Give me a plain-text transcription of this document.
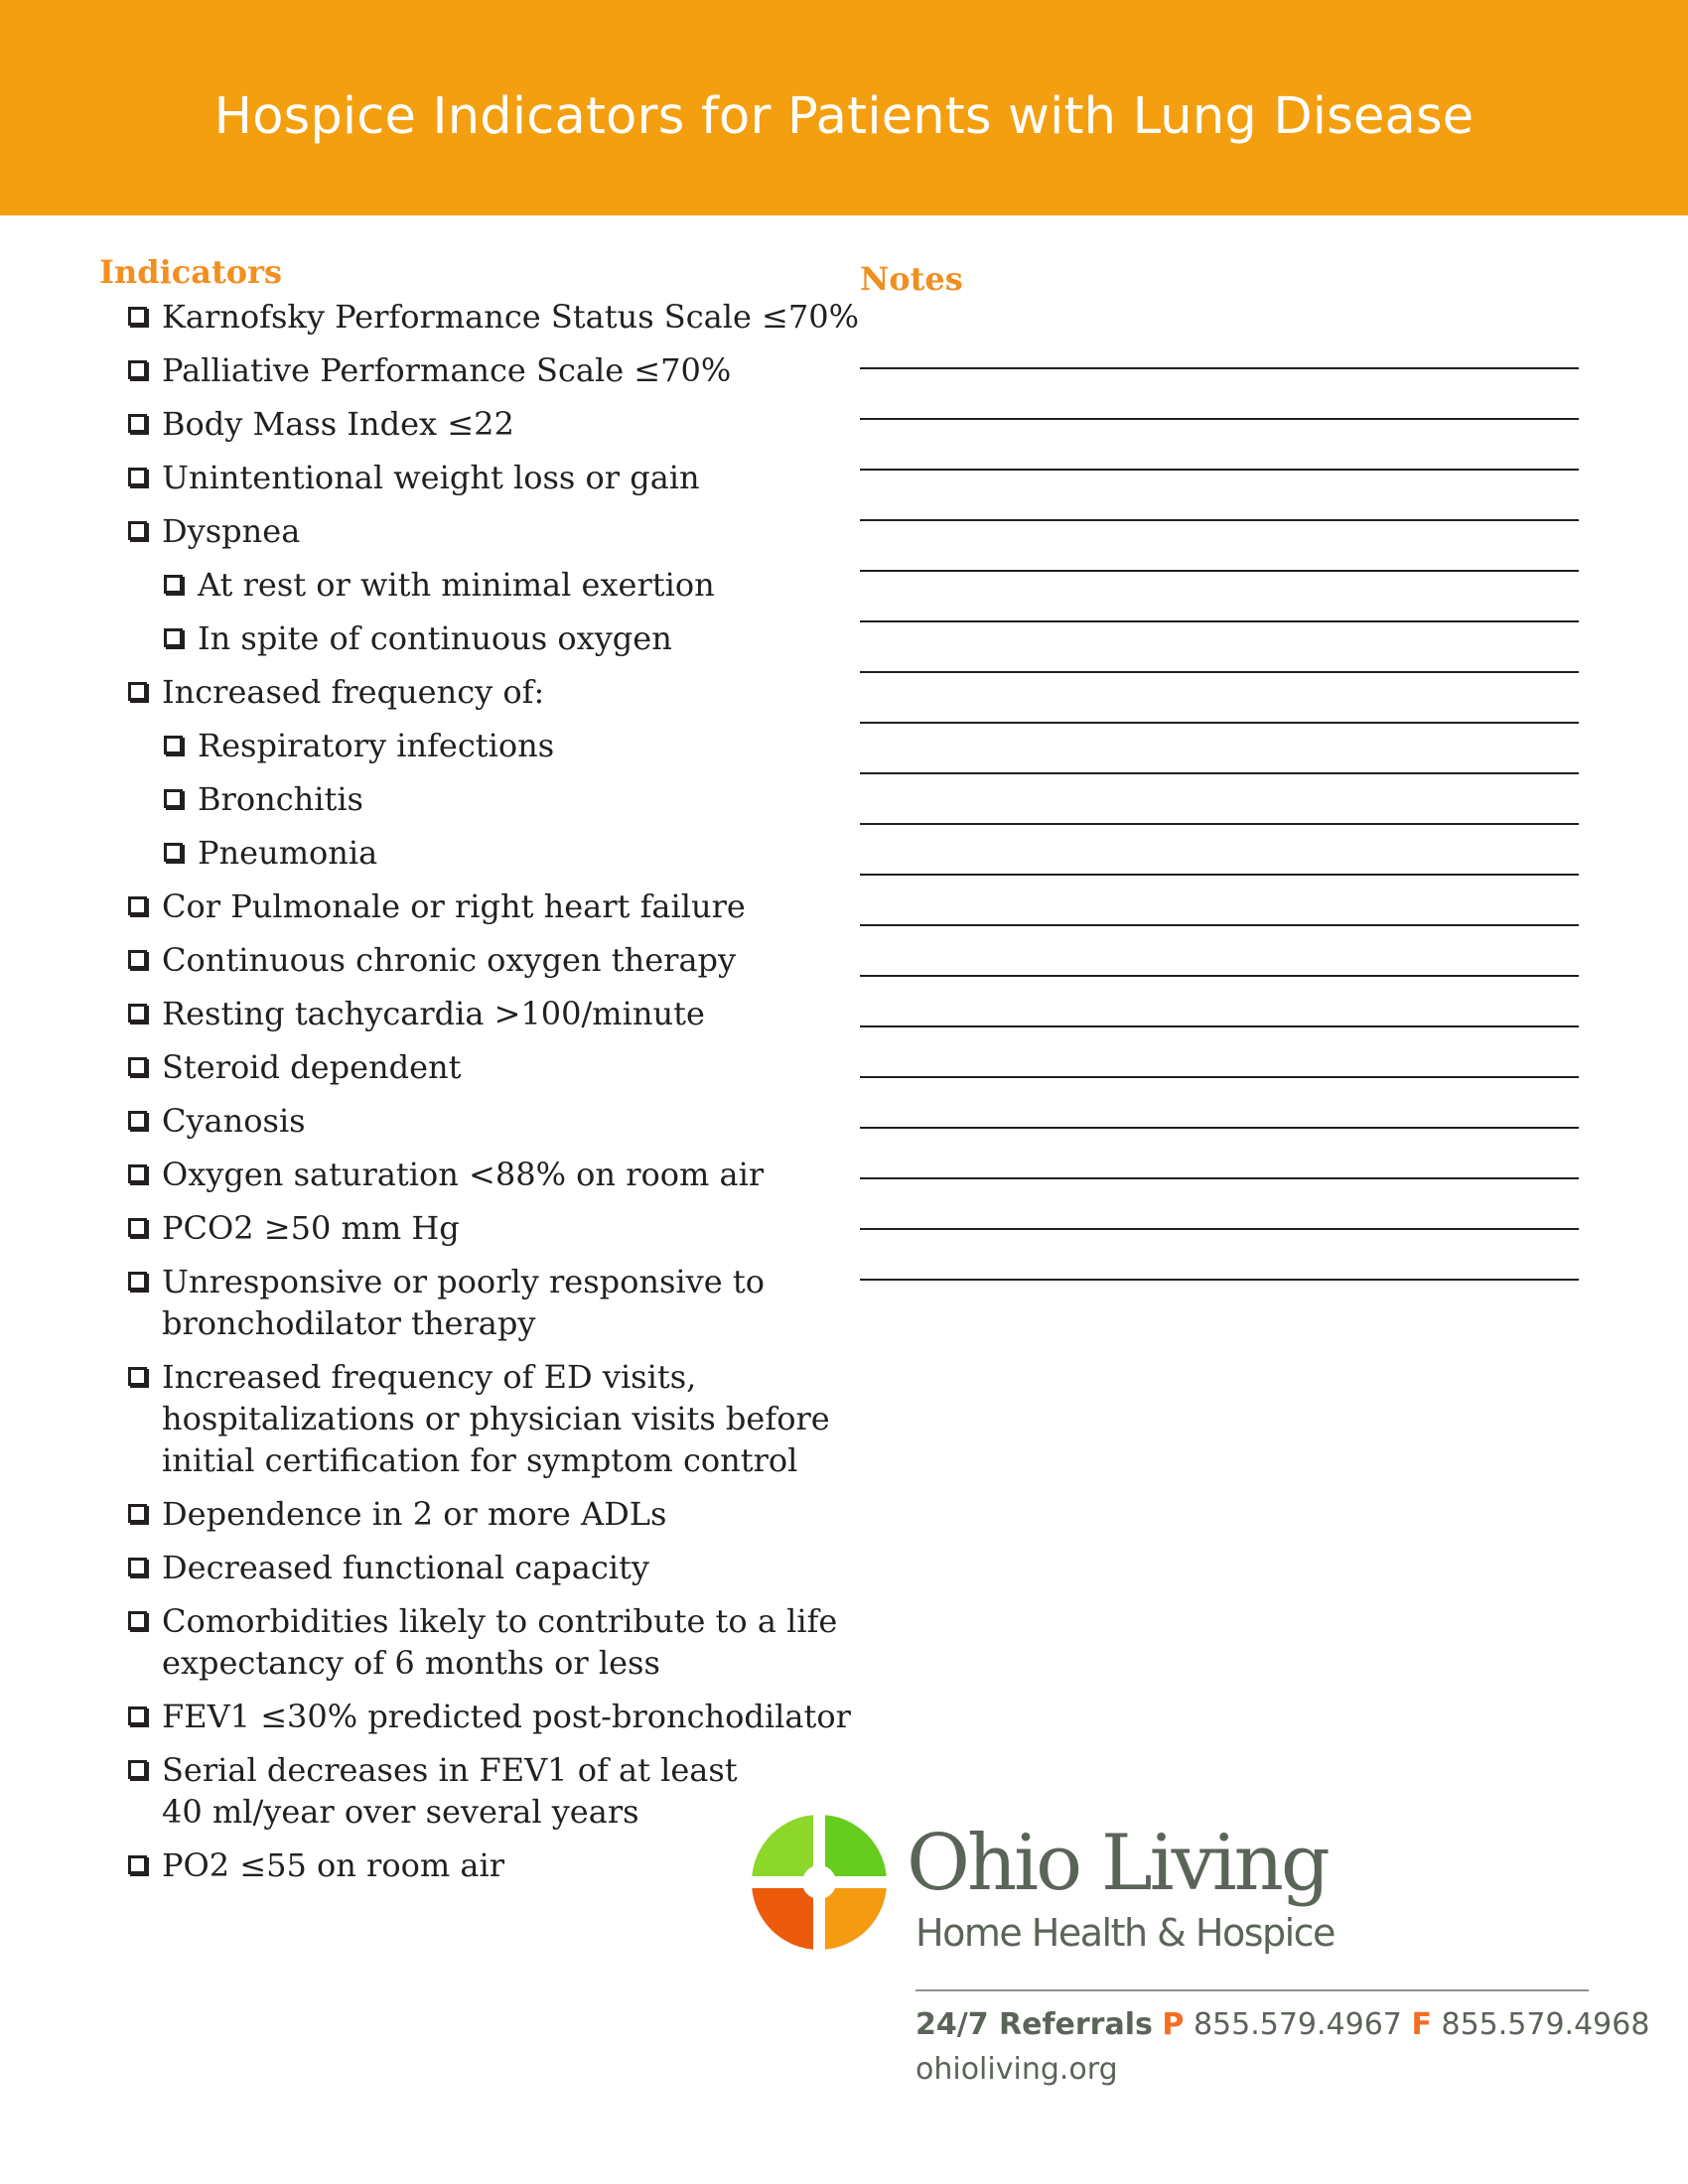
Hospice Indicators for Patients with Lung Disease
Indicators	Notes
Karnofsky Performance Status Scale ≤70%
Palliative Performance Scale ≤70%
Body Mass Index ≤22
Unintentional weight loss or gain
Dyspnea
At rest or with minimal exertion
In spite of continuous oxygen
Increased frequency of:
Respiratory infections
Bronchitis
Pneumonia
Cor Pulmonale or right heart failure
Continuous chronic oxygen therapy
Resting tachycardia >100/minute
Steroid dependent
Cyanosis
Oxygen saturation <88% on room air
PCO2 ≥50 mm Hg
Unresponsive or poorly responsive to
bronchodilator therapy
Increased frequency of ED visits,
hospitalizations or physician visits before
initial certification for symptom control
Dependence in 2 or more ADLs
Decreased functional capacity
Comorbidities likely to contribute to a life
expectancy of 6 months or less
FEV1 ≤30% predicted post-bronchodilator
Serial decreases in FEV1 of at least
40 ml/year over several years
PO2 ≤55 on room air	Ohio Living
Home Health & Hospice
24/7 Referrals P 855.579.4967 F 855.579.4968
ohioliving.org
